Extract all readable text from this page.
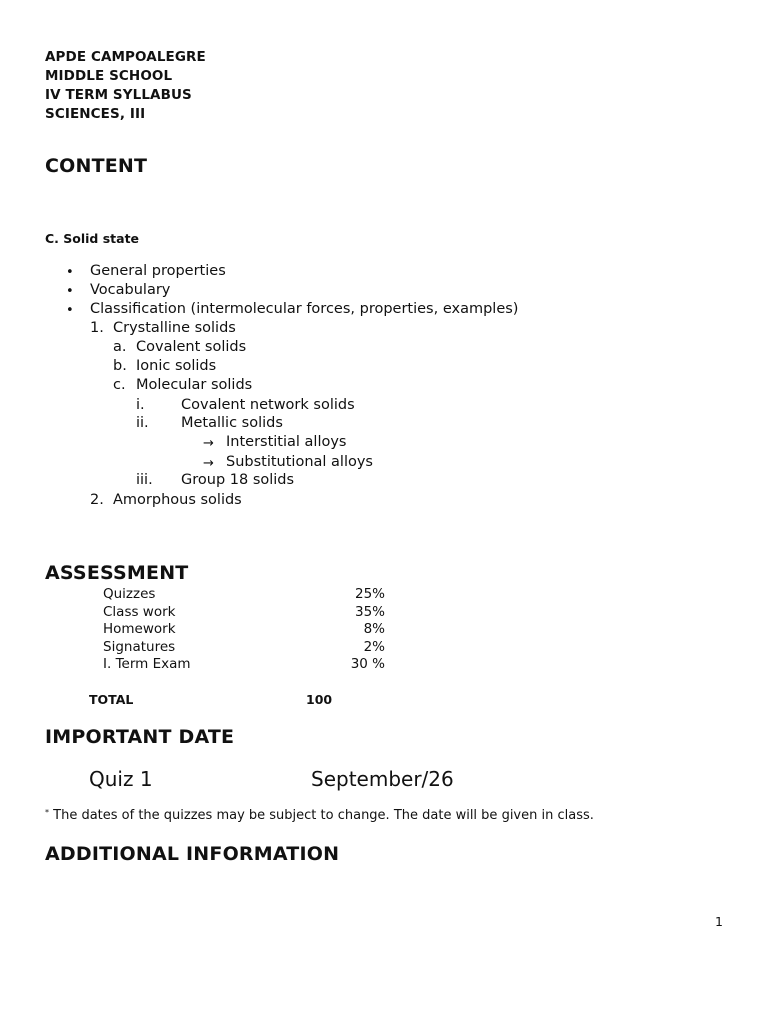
APDE CAMPOALEGRE
MIDDLE SCHOOL
IV TERM SYLLABUS
SCIENCES, III
CONTENT
C. Solid state
• General properties
• Vocabulary
• Classification (intermolecular forces, properties, examples)
1. Crystalline solids
a. Covalent solids
b. Ionic solids
c. Molecular solids
i.	Covalent network solids
ii. Metallic solids
→ Interstitial alloys
→ Substitutional alloys
iii. Group 18 solids
2. Amorphous solids
ASSESSMENT
Quizzes	25%
Class work	35%
Homework	8%
Signatures	2%
I. Term Exam	30 %
TOTAL	100
IMPORTANT DATE
Quiz 1	September/26
* The dates of the quizzes may be subject to change. The date will be given in class.
ADDITIONAL INFORMATION
1
